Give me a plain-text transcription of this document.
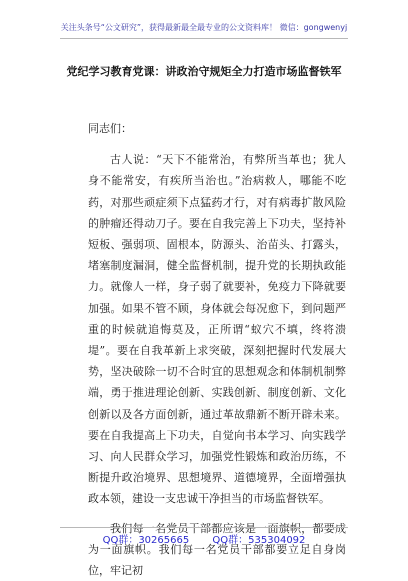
关注头条号“公文研究”，获得最新最全最专业的公文资料库！ 微信：gongwenyj
党纪学习教育党课：讲政治守规矩全力打造市场监督铁军

同志们：

古人说：“天下不能常治，有弊所当革也；犹人身不能常安，有疾所当治也。”治病救人，哪能不吃药，对那些顽症须下点猛药才行，对有病毒扩散风险的肿瘤还得动刀子。要在自我完善上下功夫，坚持补短板、强弱项、固根本，防源头、治苗头、打露头，堵塞制度漏洞，健全监督机制，提升党的长期执政能力。就像人一样，身子弱了就要补，免疫力下降就要加强。如果不管不顾，身体就会每况愈下，到问题严重的时候就追悔莫及，正所谓“蚁穴不填，终将溃堤”。要在自我革新上求突破，深刻把握时代发展大势，坚决破除一切不合时宜的思想观念和体制机制弊端，勇于推进理论创新、实践创新、制度创新、文化创新以及各方面创新，通过革故鼎新不断开辟未来。要在自我提高上下功夫，自觉向书本学习、向实践学习、向人民群众学习，加强党性锻炼和政治历练，不断提升政治境界、思想境界、道德境界，全面增强执政本领，建设一支忠诚干净担当的市场监督铁军。

我们每一名党员干部都应该是一面旗帜，都要成为一面旗帜。我们每一名党员干部都要立足自身岗位，牢记初

QQ群：30265665 QQ群：535304092
